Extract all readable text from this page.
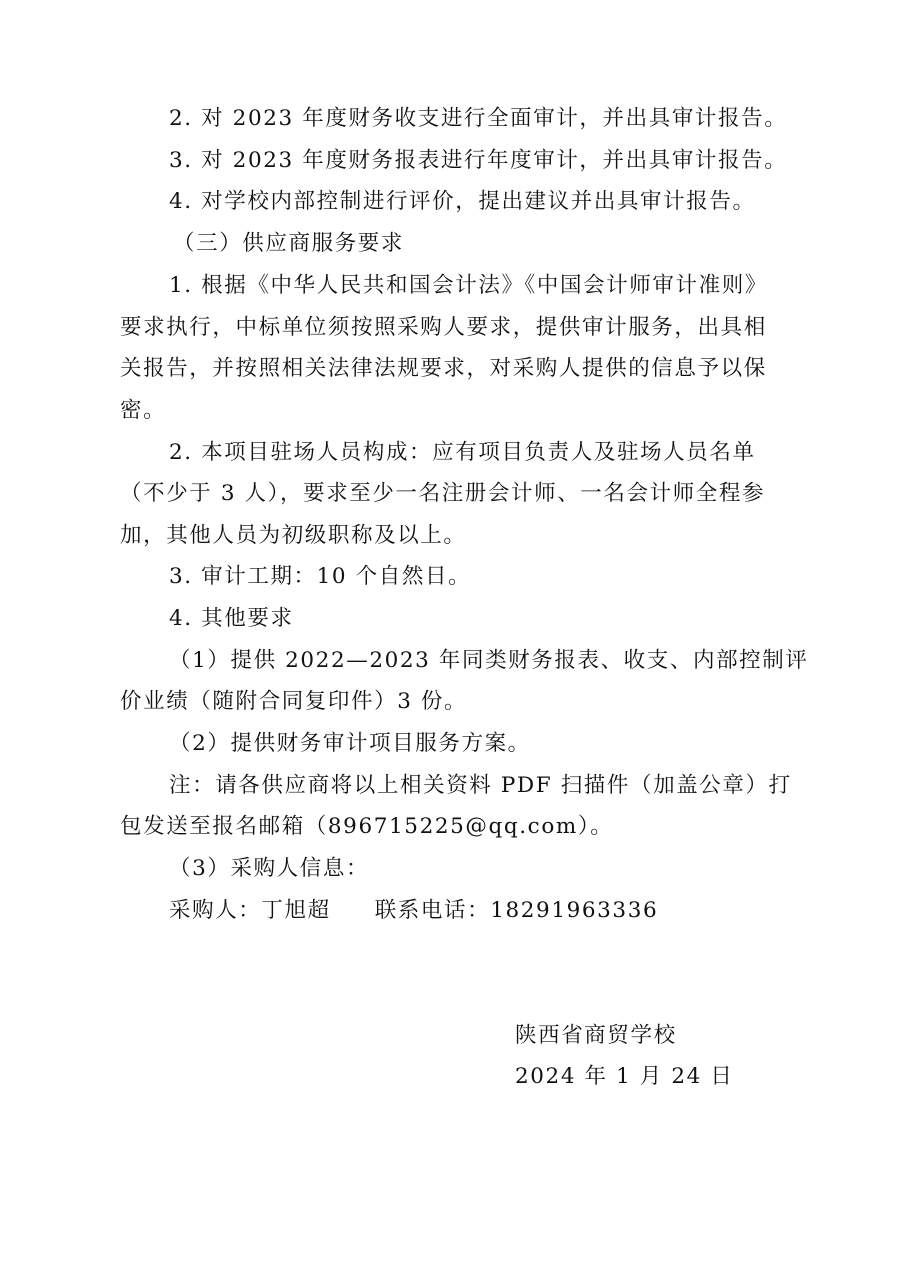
2. 对 2023 年度财务收支进行全面审计，并出具审计报告。

3. 对 2023 年度财务报表进行年度审计，并出具审计报告。

4. 对学校内部控制进行评价，提出建议并出具审计报告。

（三）供应商服务要求

1. 根据《中华人民共和国会计法》《中国会计师审计准则》

要求执行，中标单位须按照采购人要求，提供审计服务，出具相

关报告，并按照相关法律法规要求，对采购人提供的信息予以保

密。

2. 本项目驻场人员构成：应有项目负责人及驻场人员名单

（不少于 3 人），要求至少一名注册会计师、一名会计师全程参

加，其他人员为初级职称及以上。

3. 审计工期：10 个自然日。

4. 其他要求

（1）提供 2022—2023 年同类财务报表、收支、内部控制评

价业绩（随附合同复印件）3 份。

（2）提供财务审计项目服务方案。

注：请各供应商将以上相关资料 PDF 扫描件（加盖公章）打

包发送至报名邮箱（896715225@qq.com）。

（3）采购人信息：

采购人：丁旭超 联系电话：18291963336

陕西省商贸学校

2024 年 1 月 24 日
